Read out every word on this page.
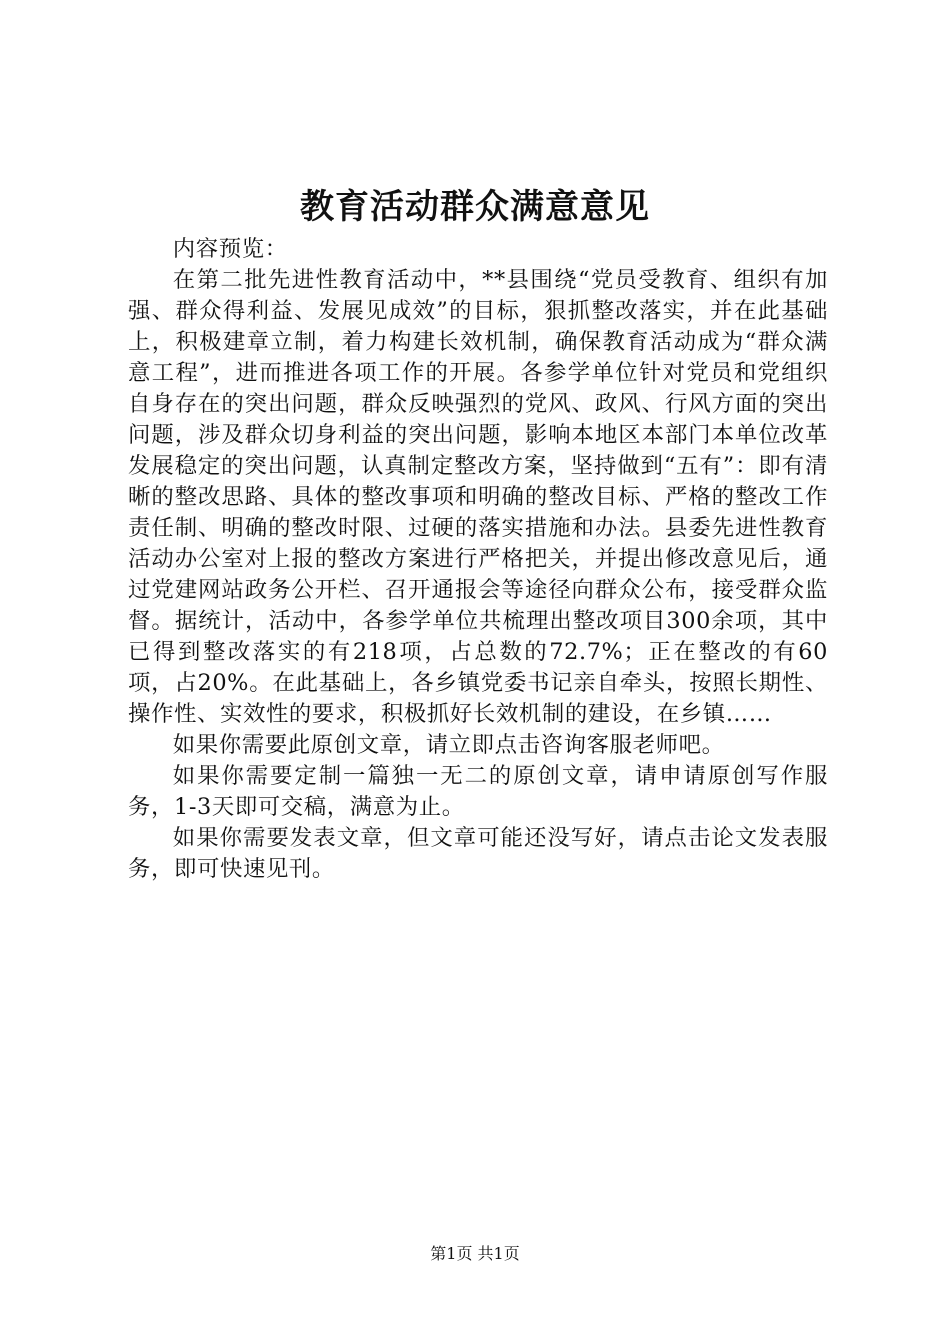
教育活动群众满意意见

内容预览：

在第二批先进性教育活动中，**县围绕“党员受教育、组织有加强、群众得利益、发展见成效”的目标，狠抓整改落实，并在此基础上，积极建章立制，着力构建长效机制，确保教育活动成为“群众满意工程”，进而推进各项工作的开展。各参学单位针对党员和党组织自身存在的突出问题，群众反映强烈的党风、政风、行风方面的突出问题，涉及群众切身利益的突出问题，影响本地区本部门本单位改革发展稳定的突出问题，认真制定整改方案，坚持做到“五有”：即有清晰的整改思路、具体的整改事项和明确的整改目标、严格的整改工作责任制、明确的整改时限、过硬的落实措施和办法。县委先进性教育活动办公室对上报的整改方案进行严格把关，并提出修改意见后，通过党建网站政务公开栏、召开通报会等途径向群众公布，接受群众监督。据统计，活动中，各参学单位共梳理出整改项目300余项，其中已得到整改落实的有218项，占总数的72.7%；正在整改的有60项，占20%。在此基础上，各乡镇党委书记亲自牵头，按照长期性、操作性、实效性的要求，积极抓好长效机制的建设，在乡镇……

如果你需要此原创文章，请立即点击咨询客服老师吧。

如果你需要定制一篇独一无二的原创文章，请申请原创写作服务，1-3天即可交稿，满意为止。

如果你需要发表文章，但文章可能还没写好，请点击论文发表服务，即可快速见刊。

第1页 共1页
